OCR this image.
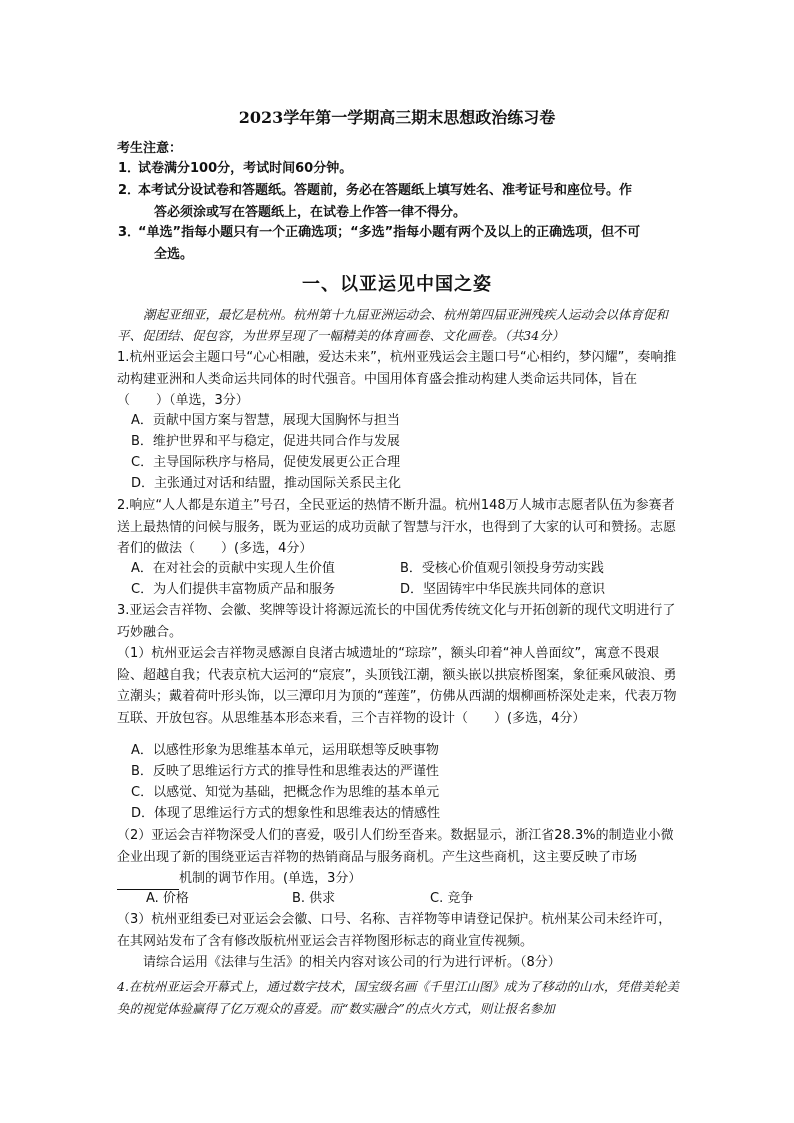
2023学年第一学期高三期末思想政治练习卷
考生注意：
1．试卷满分100分，考试时间60分钟。
2．本考试分设试卷和答题纸。答题前，务必在答题纸上填写姓名、准考证号和座位号。作
答必须涂或写在答题纸上，在试卷上作答一律不得分。
3．“单选”指每小题只有一个正确选项；“多选”指每小题有两个及以上的正确选项，但不可
全选。
一、以亚运见中国之姿
潮起亚细亚，最忆是杭州。杭州第十九届亚洲运动会、杭州第四届亚洲残疾人运动会以体育促和平、促团结、促包容，为世界呈现了一幅精美的体育画卷、文化画卷。（共34分）
1.杭州亚运会主题口号“心心相融，爱达未来”，杭州亚残运会主题口号“心相约，梦闪耀”，奏响推动构建亚洲和人类命运共同体的时代强音。中国用体育盛会推动构建人类命运共同体，旨在（　　）（单选，3分）
A．贡献中国方案与智慧，展现大国胸怀与担当
B．维护世界和平与稳定，促进共同合作与发展
C．主导国际秩序与格局，促使发展更公正合理
D．主张通过对话和结盟，推动国际关系民主化
2.响应“人人都是东道主”号召，全民亚运的热情不断升温。杭州148万人城市志愿者队伍为参赛者送上最热情的问候与服务，既为亚运的成功贡献了智慧与汗水，也得到了大家的认可和赞扬。志愿者们的做法（　　）(多选，4分）
A．在对社会的贡献中实现人生价值	B．受核心价值观引领投身劳动实践
C．为人们提供丰富物质产品和服务	D．坚固铸牢中华民族共同体的意识
3.亚运会吉祥物、会徽、奖牌等设计将源远流长的中国优秀传统文化与开拓创新的现代文明进行了巧妙融合。
（1）杭州亚运会吉祥物灵感源自良渚古城遗址的“琮琮”，额头印着“神人兽面纹”，寓意不畏艰险、超越自我；代表京杭大运河的“宸宸”，头顶钱江潮，额头嵌以拱宸桥图案，象征乘风破浪、勇立潮头；戴着荷叶形头饰，以三潭印月为顶的“莲莲”，仿佛从西湖的烟柳画桥深处走来，代表万物互联、开放包容。从思维基本形态来看，三个吉祥物的设计（　　）(多选，4分）
A．以感性形象为思维基本单元，运用联想等反映事物
B．反映了思维运行方式的推导性和思维表达的严谨性
C．以感觉、知觉为基础，把概念作为思维的基本单元
D．体现了思维运行方式的想象性和思维表达的情感性
（2）亚运会吉祥物深受人们的喜爱，吸引人们纷至沓来。数据显示，浙江省28.3%的制造业小微企业出现了新的围绕亚运吉祥物的热销商品与服务商机。产生这些商机，这主要反映了市场机制的调节作用。(单选，3分）
A. 价格	B. 供求	C. 竞争
（3）杭州亚组委已对亚运会会徽、口号、名称、吉祥物等申请登记保护。杭州某公司未经许可，在其网站发布了含有修改版杭州亚运会吉祥物图形标志的商业宣传视频。
请综合运用《法律与生活》的相关内容对该公司的行为进行评析。（8分）
4.在杭州亚运会开幕式上，通过数字技术，国宝级名画《千里江山图》成为了移动的山水，凭借美轮美奂的视觉体验赢得了亿万观众的喜爱。而“数实融合”的点火方式，则让报名参加
